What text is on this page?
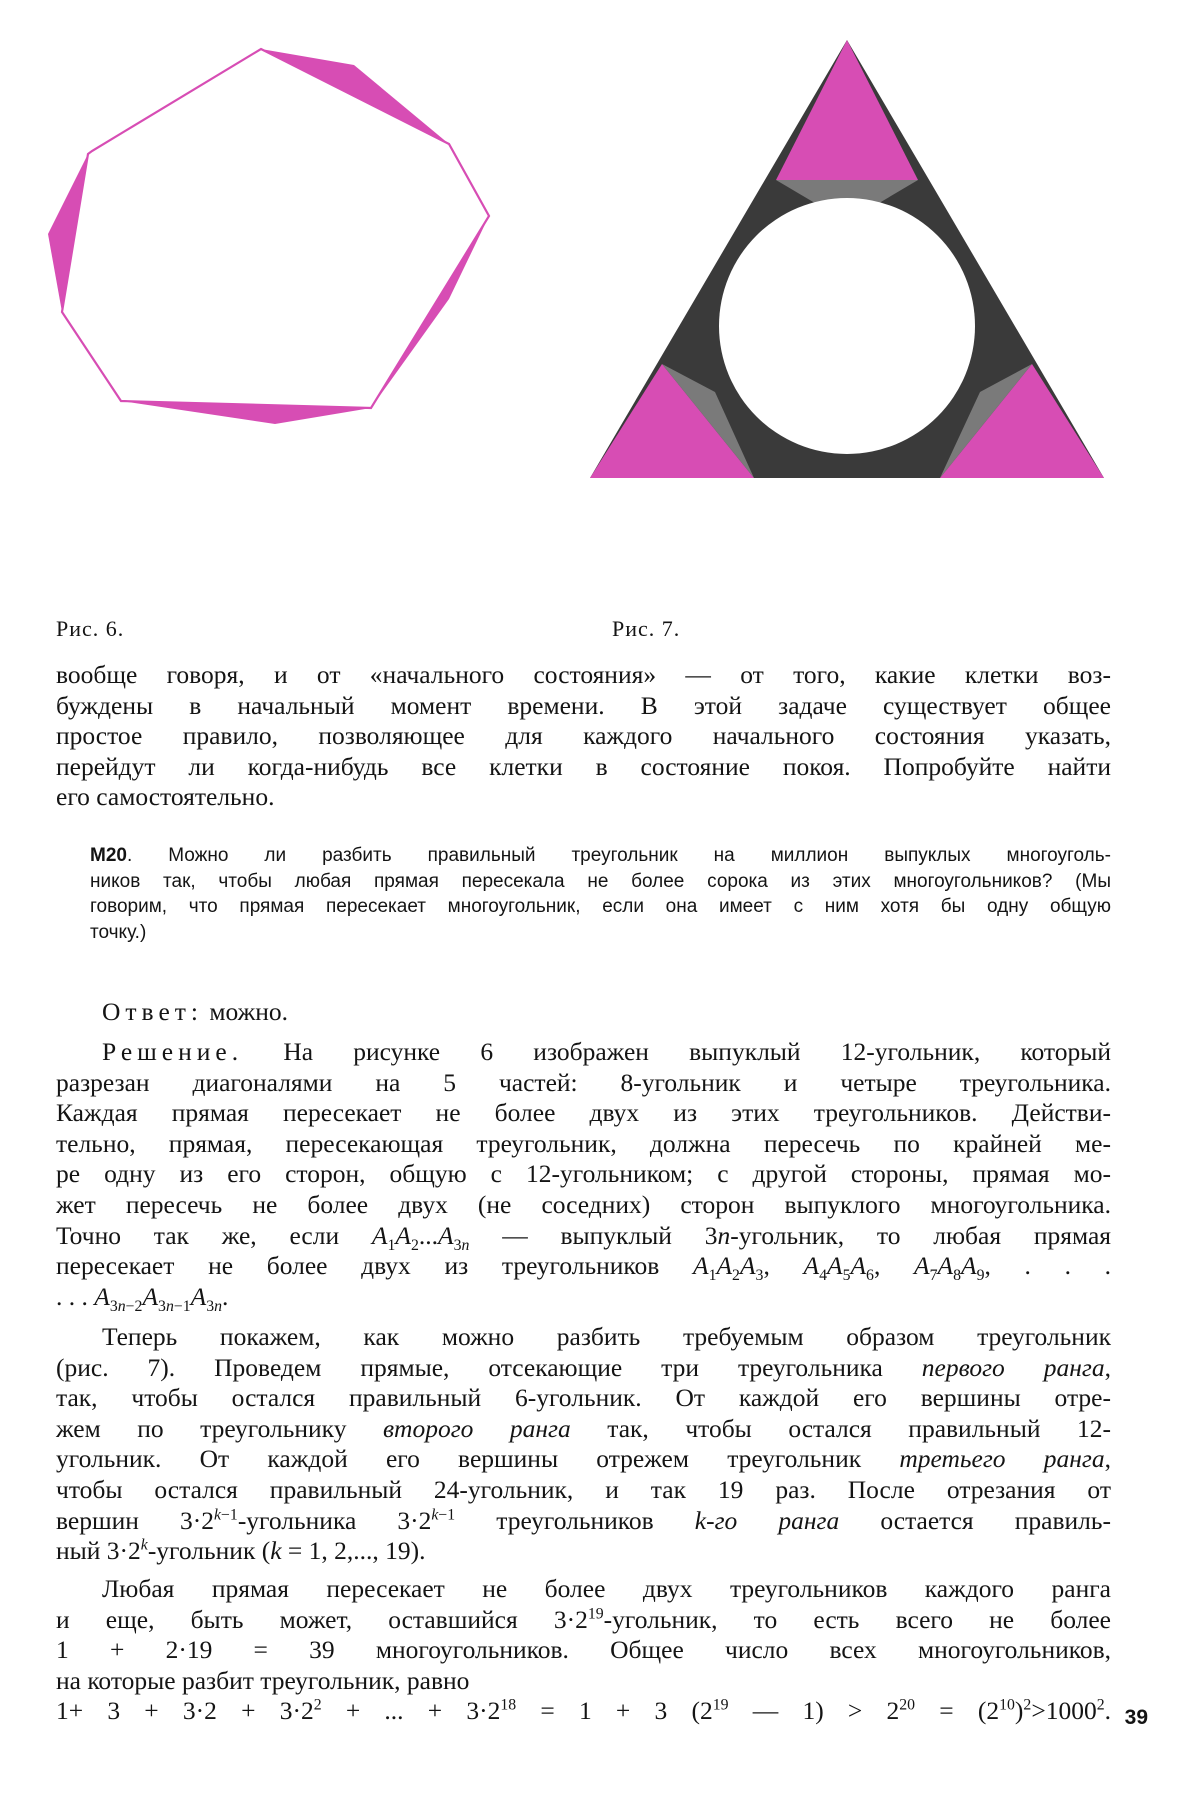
Рис. 6.	Рис. 7.
вообще говоря, и от «начального состояния» — от того, какие клетки воз-
буждены в начальный момент времени. В этой задаче существует общее
простое правило, позволяющее для каждого начального состояния указать,
перейдут ли когда-нибудь все клетки в состояние покоя. Попробуйте найти
его самостоятельно.
М20. Можно ли разбить правильный треугольник на миллион выпуклых многоуголь-
ников так, чтобы любая прямая пересекала не более сорока из этих многоугольников? (Мы
говорим, что прямая пересекает многоугольник, если она имеет с ним хотя бы одну общую
точку.)
Ответ: можно.
Решение. На рисунке 6 изображен выпуклый 12-угольник, который
разрезан диагоналями на 5 частей: 8-угольник и четыре треугольника.
Каждая прямая пересекает не более двух из этих треугольников. Действи-
тельно, прямая, пересекающая треугольник, должна пересечь по крайней ме-
ре одну из его сторон, общую с 12-угольником; с другой стороны, прямая мо-
жет пересечь не более двух (не соседних) сторон выпуклого многоугольника.
Точно так же, если $A_1A_2...A_{3n}$ — выпуклый 3n-угольник, то любая прямая
пересекает не более двух из треугольников $A_1A_2A_3$, $A_4A_5A_6$, $A_7A_8A_9$, . . .
. . . $A_{3n-2}A_{3n-1}A_{3n}$.
Теперь покажем, как можно разбить требуемым образом треугольник
(рис. 7). Проведем прямые, отсекающие три треугольника первого ранга,
так, чтобы остался правильный 6-угольник. От каждой его вершины отре-
жем по треугольнику второго ранга так, чтобы остался правильный 12-
угольник. От каждой его вершины отрежем треугольник третьего ранга,
чтобы остался правильный 24-угольник, и так 19 раз. После отрезания от
вершин $3\cdot 2^{k-1}$-угольника $3\cdot 2^{k-1}$ треугольников k-го ранга остается правиль-
ный $3\cdot 2^k$-угольник (k = 1, 2,..., 19).
Любая прямая пересекает не более двух треугольников каждого ранга
и еще, быть может, оставшийся $3\cdot 2^{19}$-угольник, то есть всего не более
1 + 2·19 = 39 многоугольников. Общее число всех многоугольников,
на которые разбит треугольник, равно
$1+ 3 + 3\cdot 2 + 3\cdot 2^2$ + ... + $3\cdot 2^{18} = 1 + 3$ ($2^{19}$ — $1) > 2^{20} = (2^{10})^2>1000^2$. 39
